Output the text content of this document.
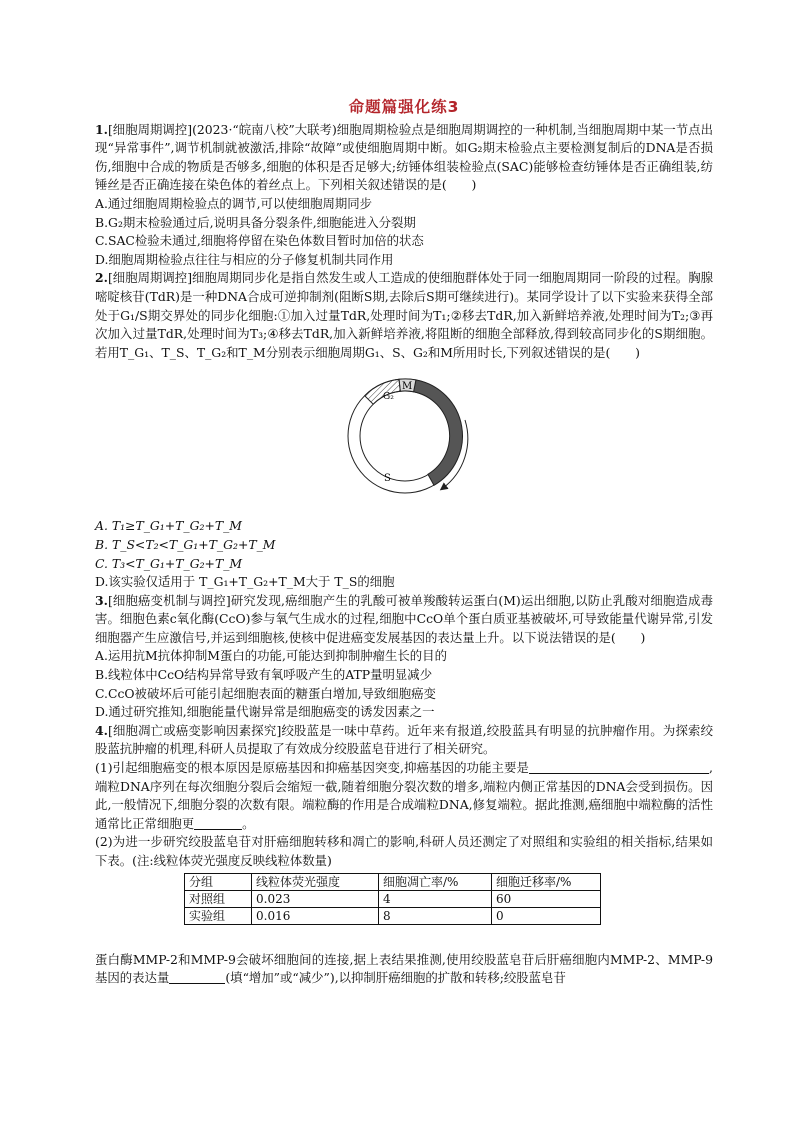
命题篇强化练3

1.[细胞周期调控](2023·“皖南八校”大联考)细胞周期检验点是细胞周期调控的一种机制,当细胞周期中某一节点出现“异常事件”,调节机制就被激活,排除“故障”或使细胞周期中断。如G₂期末检验点主要检测复制后的DNA是否损伤,细胞中合成的物质是否够多,细胞的体积是否足够大;纺锤体组装检验点(SAC)能够检查纺锤体是否正确组装,纺锤丝是否正确连接在染色体的着丝点上。下列相关叙述错误的是(　　)

A.通过细胞周期检验点的调节,可以使细胞周期同步

B.G₂期末检验通过后,说明具备分裂条件,细胞能进入分裂期

C.SAC检验未通过,细胞将停留在染色体数目暂时加倍的状态

D.细胞周期检验点往往与相应的分子修复机制共同作用

2.[细胞周期调控]细胞周期同步化是指自然发生或人工造成的使细胞群体处于同一细胞周期同一阶段的过程。胸腺嘧啶核苷(TdR)是一种DNA合成可逆抑制剂(阻断S期,去除后S期可继续进行)。某同学设计了以下实验来获得全部处于G₁/S期交界处的同步化细胞:①加入过量TdR,处理时间为T₁;②移去TdR,加入新鲜培养液,处理时间为T₂;③再次加入过量TdR,处理时间为T₃;④移去TdR,加入新鲜培养液,将阻断的细胞全部释放,得到较高同步化的S期细胞。若用T_G₁、T_S、T_G₂和T_M分别表示细胞周期G₁、S、G₂和M所用时长,下列叙述错误的是(　　)

G₂
M
G₁
S

A. T₁≥T_G₁+T_G₂+T_M

B. T_S<T₂<T_G₁+T_G₂+T_M

C. T₃<T_G₁+T_G₂+T_M

D.该实验仅适用于 T_G₁+T_G₂+T_M大于 T_S的细胞

3.[细胞癌变机制与调控]研究发现,癌细胞产生的乳酸可被单羧酸转运蛋白(M)运出细胞,以防止乳酸对细胞造成毒害。细胞色素c氧化酶(CcO)参与氧气生成水的过程,细胞中CcO单个蛋白质亚基被破坏,可导致能量代谢异常,引发细胞器产生应激信号,并运到细胞核,使核中促进癌变发展基因的表达量上升。以下说法错误的是(　　)

A.运用抗M抗体抑制M蛋白的功能,可能达到抑制肿瘤生长的目的

B.线粒体中CcO结构异常导致有氧呼吸产生的ATP量明显减少

C.CcO被破坏后可能引起细胞表面的糖蛋白增加,导致细胞癌变

D.通过研究推知,细胞能量代谢异常是细胞癌变的诱发因素之一

4.[细胞凋亡或癌变影响因素探究]绞股蓝是一味中草药。近年来有报道,绞股蓝具有明显的抗肿瘤作用。为探索绞股蓝抗肿瘤的机理,科研人员提取了有效成分绞股蓝皂苷进行了相关研究。

(1)引起细胞癌变的根本原因是原癌基因和抑癌基因突变,抑癌基因的功能主要是	,端粒DNA序列在每次细胞分裂后会缩短一截,随着细胞分裂次数的增多,端粒内侧正常基因的DNA会受到损伤。因此,一般情况下,细胞分裂的次数有限。端粒酶的作用是合成端粒DNA,修复端粒。据此推测,癌细胞中端粒酶的活性通常比正常细胞更	。

(2)为进一步研究绞股蓝皂苷对肝癌细胞转移和凋亡的影响,科研人员还测定了对照组和实验组的相关指标,结果如下表。(注:线粒体荧光强度反映线粒体数量)

分组	线粒体荧光强度	细胞凋亡率/%	细胞迁移率/%
对照组	0.023	4	60
实验组	0.016	8	0

蛋白酶MMP-2和MMP-9会破坏细胞间的连接,据上表结果推测,使用绞股蓝皂苷后肝癌细胞内MMP-2、MMP-9基因的表达量	(填“增加”或“减少”),以抑制肝癌细胞的扩散和转移;绞股蓝皂苷
